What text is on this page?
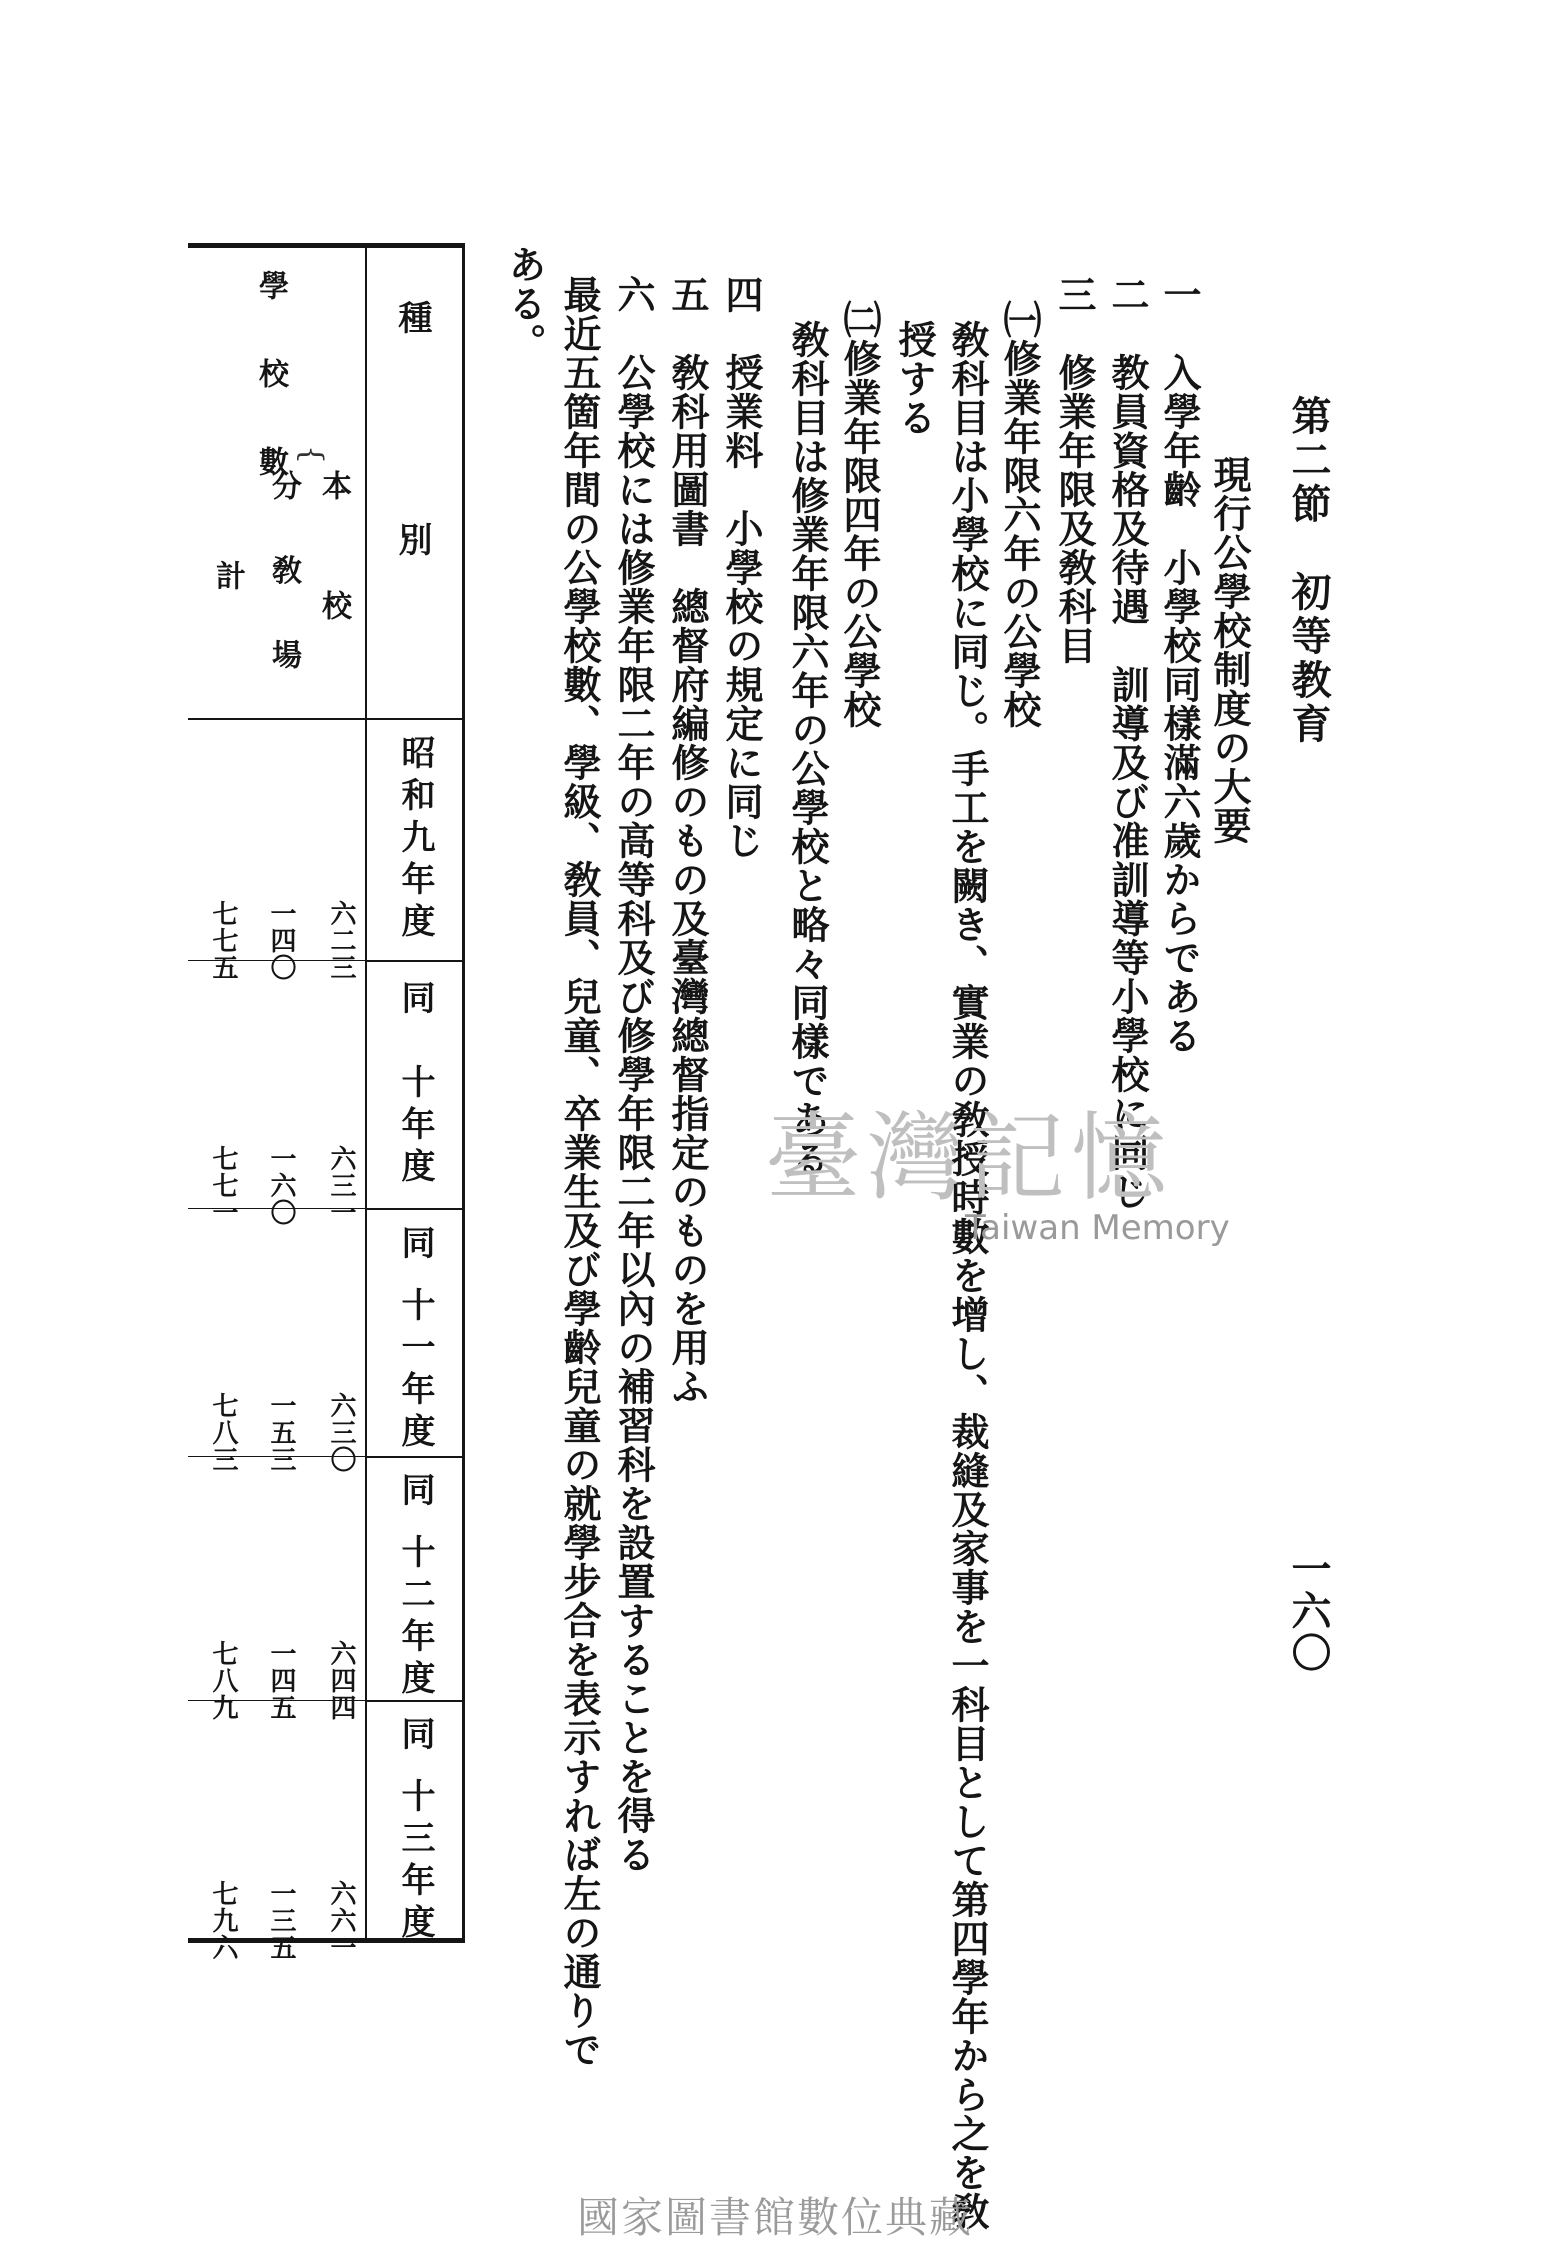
第二節　初等教育
一六〇
現行公學校制度の大要
一　入學年齡　小學校同樣滿六歲からである
二　教員資格及待遇　訓導及び准訓導等小學校に同じ
三　修業年限及敎科目
㈠修業年限六年の公學校
敎科目は小學校に同じ。手工を闕き、實業の敎授時數を增し、裁縫及家事を一科目として第四學年から之を敎
授する
㈡修業年限四年の公學校
敎科目は修業年限六年の公學校と略々同樣である
四　授業料　小學校の規定に同じ
五　敎科用圖書　總督府編修のもの及臺灣總督指定のものを用ふ
六　公學校には修業年限二年の高等科及び修學年限二年以內の補習科を設置することを得る
最近五箇年間の公學校數、學級、敎員、兒童、卒業生及び學齡兒童の就學步合を表示すれば左の通りで
ある。
種　　別
昭和九年度
同　十年度
同 十一年度
同 十二年度
同 十三年度
學　校　數 {
本　校
分 敎 場
計
六二三
一四〇
七七五
六三一
一六〇
七七一
六三〇
一五三
七八三
六四四
一四五
七八九
六六一
一三五
七九六
臺灣記憶
Taiwan Memory
國家圖書館數位典藏
